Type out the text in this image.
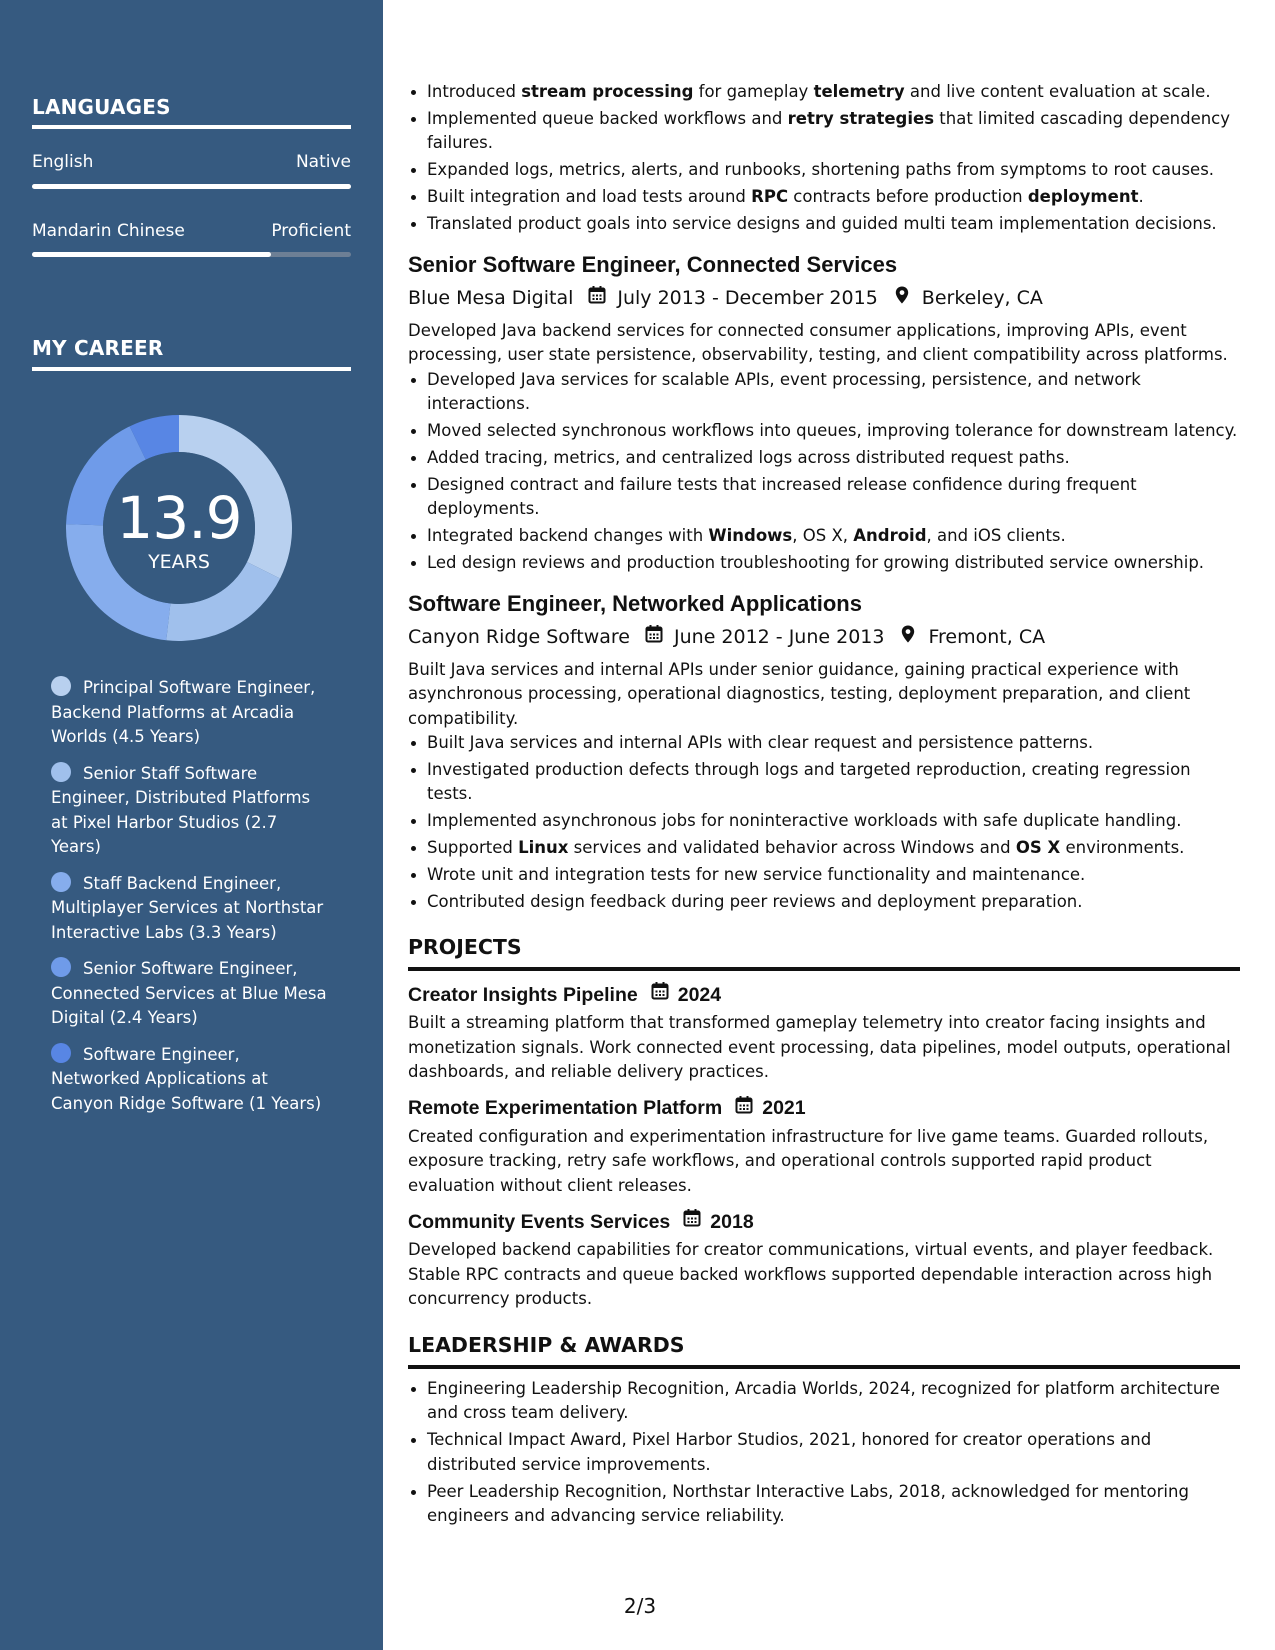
LANGUAGES
English	Native
Mandarin Chinese	Proficient
MY CAREER
13.9
YEARS
Principal Software Engineer, Backend Platforms at Arcadia Worlds (4.5 Years)
Senior Staff Software Engineer, Distributed Platforms at Pixel Harbor Studios (2.7 Years)
Staff Backend Engineer, Multiplayer Services at Northstar Interactive Labs (3.3 Years)
Senior Software Engineer, Connected Services at Blue Mesa Digital (2.4 Years)
Software Engineer, Networked Applications at Canyon Ridge Software (1 Years)
• Introduced stream processing for gameplay telemetry and live content evaluation at scale.
• Implemented queue backed workflows and retry strategies that limited cascading dependency failures.
• Expanded logs, metrics, alerts, and runbooks, shortening paths from symptoms to root causes.
• Built integration and load tests around RPC contracts before production deployment.
• Translated product goals into service designs and guided multi team implementation decisions.
Senior Software Engineer, Connected Services
Blue Mesa Digital July 2013 - December 2015 Berkeley, CA
Developed Java backend services for connected consumer applications, improving APIs, event processing, user state persistence, observability, testing, and client compatibility across platforms.
• Developed Java services for scalable APIs, event processing, persistence, and network interactions.
• Moved selected synchronous workflows into queues, improving tolerance for downstream latency.
• Added tracing, metrics, and centralized logs across distributed request paths.
• Designed contract and failure tests that increased release confidence during frequent deployments.
• Integrated backend changes with Windows, OS X, Android, and iOS clients.
• Led design reviews and production troubleshooting for growing distributed service ownership.
Software Engineer, Networked Applications
Canyon Ridge Software June 2012 - June 2013 Fremont, CA
Built Java services and internal APIs under senior guidance, gaining practical experience with asynchronous processing, operational diagnostics, testing, deployment preparation, and client compatibility.
• Built Java services and internal APIs with clear request and persistence patterns.
• Investigated production defects through logs and targeted reproduction, creating regression tests.
• Implemented asynchronous jobs for noninteractive workloads with safe duplicate handling.
• Supported Linux services and validated behavior across Windows and OS X environments.
• Wrote unit and integration tests for new service functionality and maintenance.
• Contributed design feedback during peer reviews and deployment preparation.
PROJECTS
Creator Insights Pipeline 2024
Built a streaming platform that transformed gameplay telemetry into creator facing insights and monetization signals. Work connected event processing, data pipelines, model outputs, operational dashboards, and reliable delivery practices.
Remote Experimentation Platform 2021
Created configuration and experimentation infrastructure for live game teams. Guarded rollouts, exposure tracking, retry safe workflows, and operational controls supported rapid product evaluation without client releases.
Community Events Services 2018
Developed backend capabilities for creator communications, virtual events, and player feedback. Stable RPC contracts and queue backed workflows supported dependable interaction across high concurrency products.
LEADERSHIP & AWARDS
• Engineering Leadership Recognition, Arcadia Worlds, 2024, recognized for platform architecture and cross team delivery.
• Technical Impact Award, Pixel Harbor Studios, 2021, honored for creator operations and distributed service improvements.
• Peer Leadership Recognition, Northstar Interactive Labs, 2018, acknowledged for mentoring engineers and advancing service reliability.
2/3
